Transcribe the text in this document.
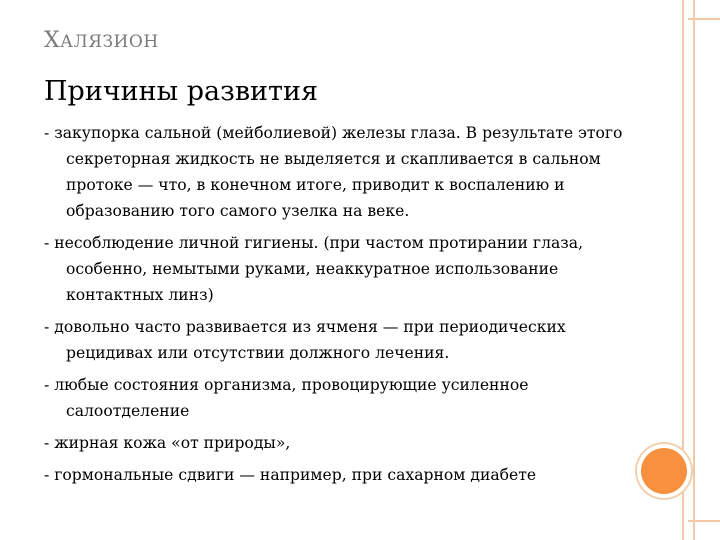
ХАЛЯЗИОН
Причины развития
- закупорка сальной (мейболиевой) железы глаза. В результате этого секреторная жидкость не выделяется и скапливается в сальном протоке — что, в конечном итоге, приводит к воспалению и образованию того самого узелка на веке.
- несоблюдение личной гигиены. (при частом протирании глаза, особенно, немытыми руками, неаккуратное использование контактных линз)
- довольно часто развивается из ячменя — при периодических рецидивах или отсутствии должного лечения.
- любые состояния организма, провоцирующие усиленное салоотделение
- жирная кожа «от природы»,
- гормональные сдвиги — например, при сахарном диабете
